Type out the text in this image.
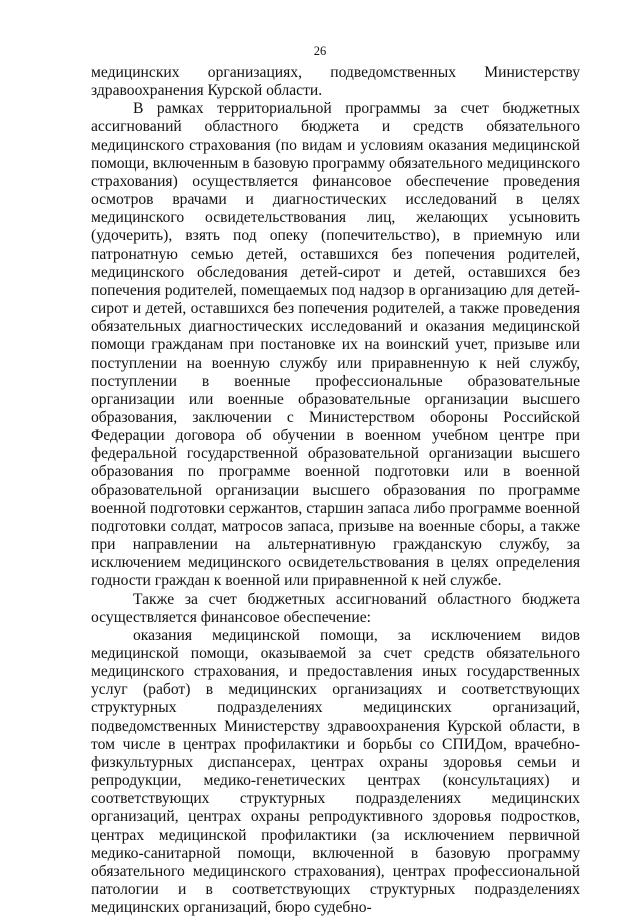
26

медицинских организациях, подведомственных Министерству здравоохранения Курской области.

В рамках территориальной программы за счет бюджетных ассигнований областного бюджета и средств обязательного медицинского страхования (по видам и условиям оказания медицинской помощи, включенным в базовую программу обязательного медицинского страхования) осуществляется финансовое обеспечение проведения осмотров врачами и диагностических исследований в целях медицинского освидетельствования лиц, желающих усыновить (удочерить), взять под опеку (попечительство), в приемную или патронатную семью детей, оставшихся без попечения родителей, медицинского обследования детей-сирот и детей, оставшихся без попечения родителей, помещаемых под надзор в организацию для детей-сирот и детей, оставшихся без попечения родителей, а также проведения обязательных диагностических исследований и оказания медицинской помощи гражданам при постановке их на воинский учет, призыве или поступлении на военную службу или приравненную к ней службу, поступлении в военные профессиональные образовательные организации или военные образовательные организации высшего образования, заключении с Министерством обороны Российской Федерации договора об обучении в военном учебном центре при федеральной государственной образовательной организации высшего образования по программе военной подготовки или в военной образовательной организации высшего образования по программе военной подготовки сержантов, старшин запаса либо программе военной подготовки солдат, матросов запаса, призыве на военные сборы, а также при направлении на альтернативную гражданскую службу, за исключением медицинского освидетельствования в целях определения годности граждан к военной или приравненной к ней службе.

Также за счет бюджетных ассигнований областного бюджета осуществляется финансовое обеспечение:

оказания медицинской помощи, за исключением видов медицинской помощи, оказываемой за счет средств обязательного медицинского страхования, и предоставления иных государственных услуг (работ) в медицинских организациях и соответствующих структурных подразделениях медицинских организаций, подведомственных Министерству здравоохранения Курской области, в том числе в центрах профилактики и борьбы со СПИДом, врачебно-физкультурных диспансерах, центрах охраны здоровья семьи и репродукции, медико-генетических центрах (консультациях) и соответствующих структурных подразделениях медицинских организаций, центрах охраны репродуктивного здоровья подростков, центрах медицинской профилактики (за исключением первичной медико-санитарной помощи, включенной в базовую программу обязательного медицинского страхования), центрах профессиональной патологии и в соответствующих структурных подразделениях медицинских организаций, бюро судебно-
